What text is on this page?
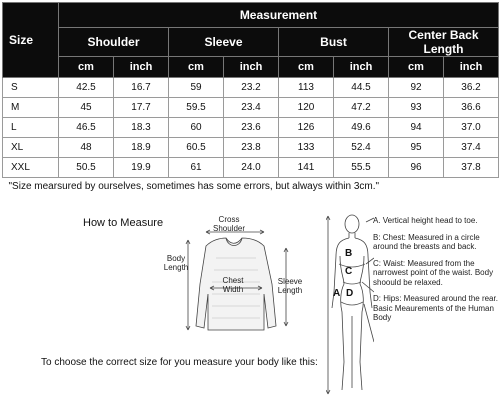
Size	Measurement							
	Shoulder		Sleeve		Bust		Center Back Length	
	cm	inch	cm	inch	cm	inch	cm	inch
S	42.5	16.7	59	23.2	113	44.5	92	36.2
M	45	17.7	59.5	23.4	120	47.2	93	36.6
L	46.5	18.3	60	23.6	126	49.6	94	37.0
XL	48	18.9	60.5	23.8	133	52.4	95	37.4
XXL	50.5	19.9	61	24.0	141	55.5	96	37.8
"Size mearsured by ourselves, sometimes has some errors, but always within 3cm."								
How to Measure	Cross Shoulder
Body Length
Chest Width
Sleeve Length
B
C
A D

A. Vertical height head to toe.

B: Chest: Measured in a circle around the breasts and back.

C: Waist: Measured from the narrowest point of the waist. Body shoould be relaxed.

D: Hips: Measured around the rear. Basic Meaurements of the Human Body

To choose the correct size for you measure your body like this:
